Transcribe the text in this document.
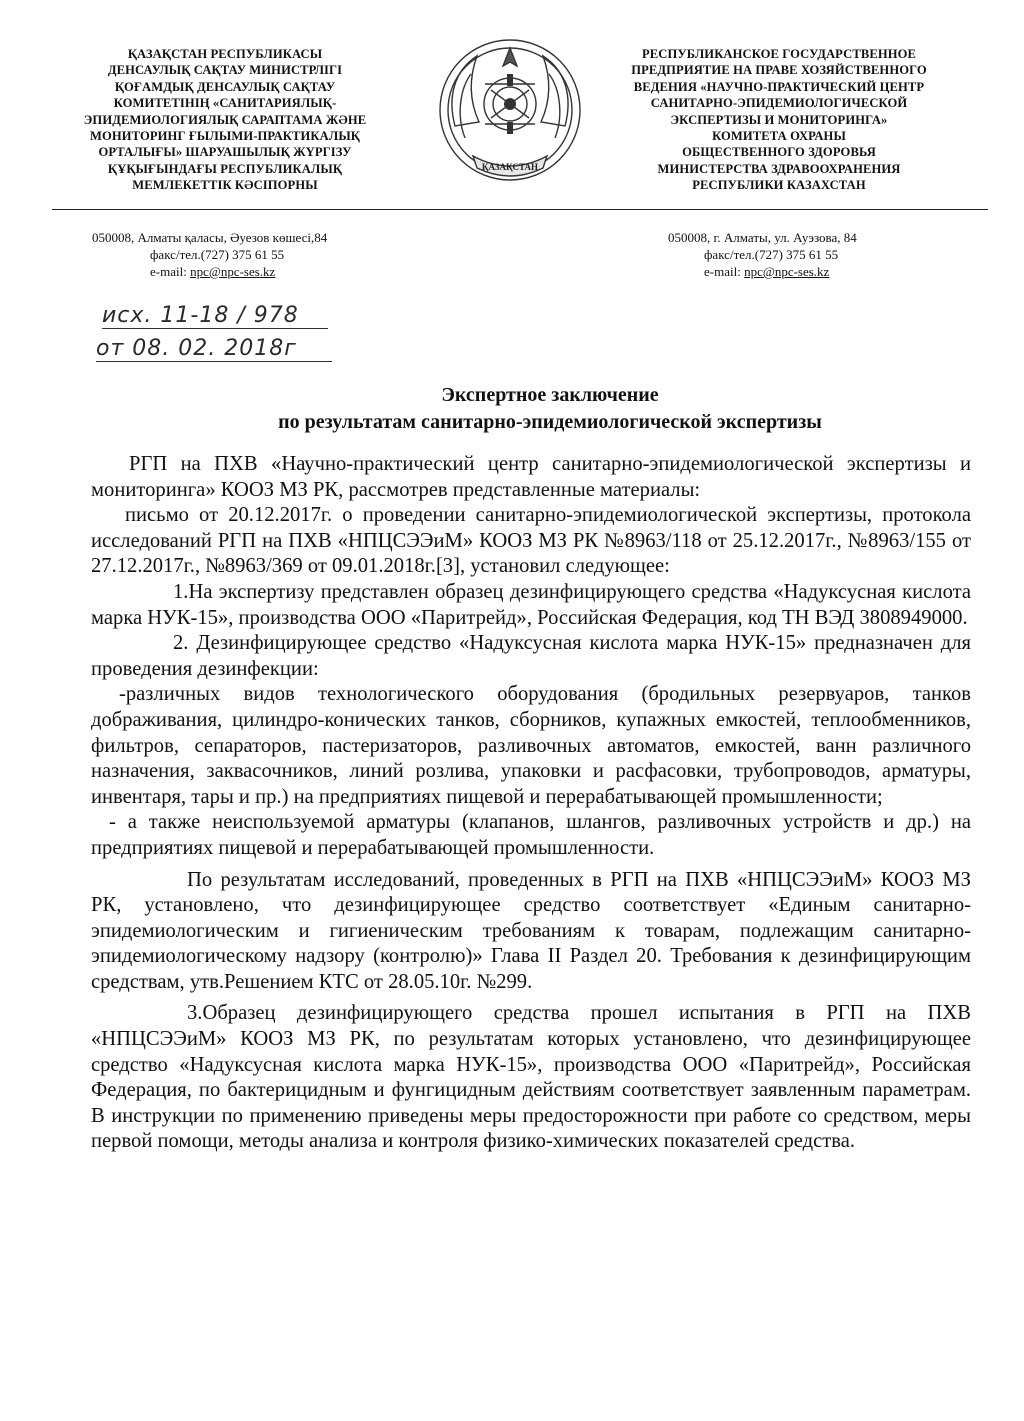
ҚАЗАҚСТАН РЕСПУБЛИКАСЫ
ДЕНСАУЛЫҚ САҚТАУ МИНИСТРЛІГІ
ҚОҒАМДЫҚ ДЕНСАУЛЫҚ САҚТАУ
КОМИТЕТІНІҢ «САНИТАРИЯЛЫҚ-
ЭПИДЕМИОЛОГИЯЛЫҚ САРАПТАМА ЖӘНЕ
МОНИТОРИНГ ҒЫЛЫМИ-ПРАКТИКАЛЫҚ
ОРТАЛЫҒЫ» ШАРУАШЫЛЫҚ ЖҮРГІЗУ
ҚҰҚЫҒЫНДАҒЫ РЕСПУБЛИКАЛЫҚ
МЕМЛЕКЕТТІК КӘСІПОРНЫ
ҚАЗАҚСТАН
РЕСПУБЛИКАНСКОЕ ГОСУДАРСТВЕННОЕ
ПРЕДПРИЯТИЕ НА ПРАВЕ ХОЗЯЙСТВЕННОГО
ВЕДЕНИЯ «НАУЧНО-ПРАКТИЧЕСКИЙ ЦЕНТР
САНИТАРНО-ЭПИДЕМИОЛОГИЧЕСКОЙ
ЭКСПЕРТИЗЫ И МОНИТОРИНГА»
КОМИТЕТА ОХРАНЫ
ОБЩЕСТВЕННОГО ЗДОРОВЬЯ
МИНИСТЕРСТВА ЗДРАВООХРАНЕНИЯ
РЕСПУБЛИКИ КАЗАХСТАН
050008, Алматы қаласы, Әуезов көшесі,84
факс/тел.(727) 375 61 55
e-mail: npc@npc-ses.kz
050008, г. Алматы, ул. Ауэзова, 84
факс/тел.(727) 375 61 55
e-mail: npc@npc-ses.kz
исх. 11-18 / 978
от 08. 02. 2018г
Экспертное заключение
по результатам санитарно-эпидемиологической экспертизы

РГП на ПХВ «Научно-практический центр санитарно-эпидемиологической экспертизы и мониторинга» КООЗ МЗ РК, рассмотрев представленные материалы:

письмо от 20.12.2017г. о проведении санитарно-эпидемиологической экспертизы, протокола исследований РГП на ПХВ «НПЦСЭЭиМ» КООЗ МЗ РК №8963/118 от 25.12.2017г., №8963/155 от 27.12.2017г., №8963/369 от 09.01.2018г.[3], установил следующее:

1.На экспертизу представлен образец дезинфицирующего средства «Надуксусная кислота марка НУК-15», производства ООО «Паритрейд», Российская Федерация, код ТН ВЭД 3808949000.

2. Дезинфицирующее средство «Надуксусная кислота марка НУК-15» предназначен для проведения дезинфекции:

-различных видов технологического оборудования (бродильных резервуаров, танков дображивания, цилиндро-конических танков, сборников, купажных емкостей, теплообменников, фильтров, сепараторов, пастеризаторов, разливочных автоматов, емкостей, ванн различного назначения, заквасочников, линий розлива, упаковки и расфасовки, трубопроводов, арматуры, инвентаря, тары и пр.) на предприятиях пищевой и перерабатывающей промышленности;

- а также неиспользуемой арматуры (клапанов, шлангов, разливочных устройств и др.) на предприятиях пищевой и перерабатывающей промышленности.

По результатам исследований, проведенных в РГП на ПХВ «НПЦСЭЭиМ» КООЗ МЗ РК, установлено, что дезинфицирующее средство соответствует «Единым санитарно-эпидемиологическим и гигиеническим требованиям к товарам, подлежащим санитарно-эпидемиологическому надзору (контролю)» Глава II Раздел 20. Требования к дезинфицирующим средствам, утв.Решением КТС от 28.05.10г. №299.

3.Образец дезинфицирующего средства прошел испытания в РГП на ПХВ «НПЦСЭЭиМ» КООЗ МЗ РК, по результатам которых установлено, что дезинфицирующее средство «Надуксусная кислота марка НУК-15», производства ООО «Паритрейд», Российская Федерация, по бактерицидным и фунгицидным действиям соответствует заявленным параметрам. В инструкции по применению приведены меры предосторожности при работе со средством, меры первой помощи, методы анализа и контроля физико-химических показателей средства.
